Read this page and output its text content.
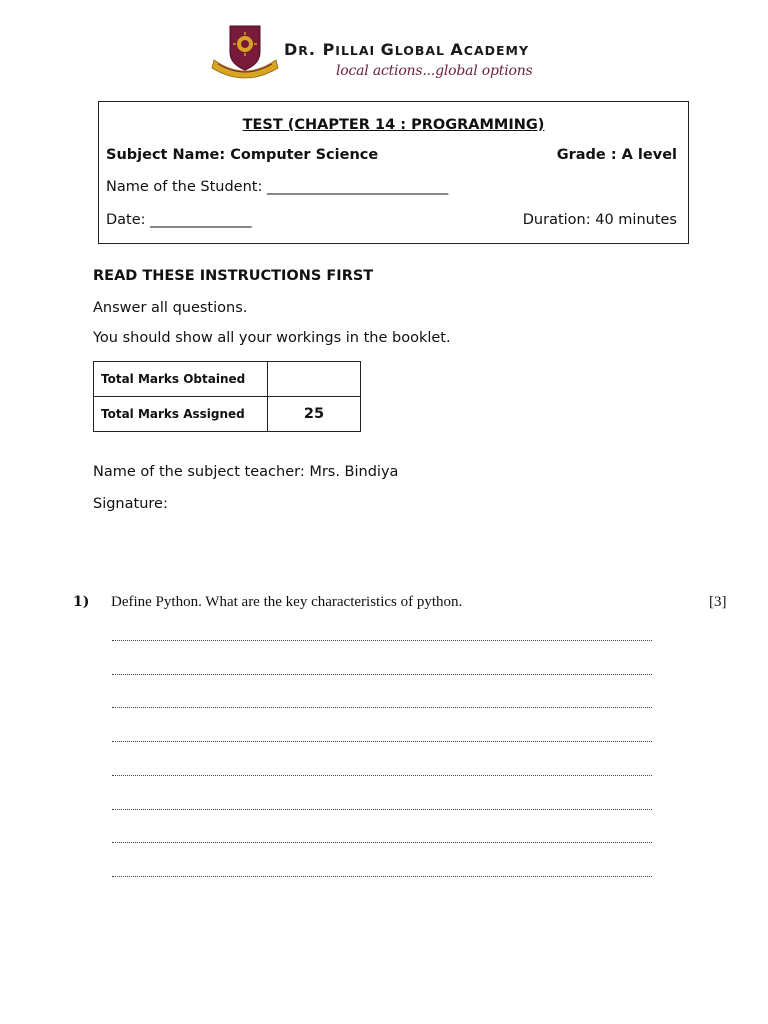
DR. PILLAI GLOBAL ACADEMY
local actions...global options
TEST (CHAPTER 14 : PROGRAMMING)
Subject Name: Computer Science	Grade : A level
Name of the Student: _________________________
Date: ______________	Duration: 40 minutes
READ THESE INSTRUCTIONS FIRST
Answer all questions.
You should show all your workings in the booklet.
Total Marks Obtained	
Total Marks Assigned	25
Name of the subject teacher: Mrs. Bindiya
Signature:
1) Define Python. What are the key characteristics of python.	[3]
